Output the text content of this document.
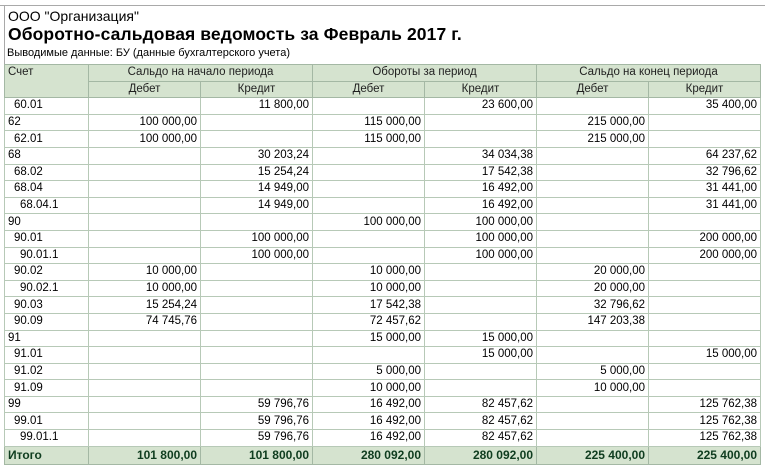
ООО "Организация"
Оборотно-сальдовая ведомость за Февраль 2017 г.
Выводимые данные: БУ (данные бухгалтерского учета)
Счет	Сальдо на начало периода		Обороты за период		Сальдо на конец периода	
	Дебет	Кредит	Дебет	Кредит	Дебет	Кредит
60.01		11 800,00		23 600,00		35 400,00
62	100 000,00		115 000,00		215 000,00	
62.01	100 000,00		115 000,00		215 000,00	
68		30 203,24		34 034,38		64 237,62
68.02		15 254,24		17 542,38		32 796,62
68.04		14 949,00		16 492,00		31 441,00
68.04.1		14 949,00		16 492,00		31 441,00
90			100 000,00	100 000,00		
90.01		100 000,00		100 000,00		200 000,00
90.01.1		100 000,00		100 000,00		200 000,00
90.02	10 000,00		10 000,00		20 000,00	
90.02.1	10 000,00		10 000,00		20 000,00	
90.03	15 254,24		17 542,38		32 796,62	
90.09	74 745,76		72 457,62		147 203,38	
91			15 000,00	15 000,00		
91.01				15 000,00		15 000,00
91.02			5 000,00		5 000,00	
91.09			10 000,00		10 000,00	
99		59 796,76	16 492,00	82 457,62		125 762,38
99.01		59 796,76	16 492,00	82 457,62		125 762,38
99.01.1		59 796,76	16 492,00	82 457,62		125 762,38
Итого	101 800,00	101 800,00	280 092,00	280 092,00	225 400,00	225 400,00
